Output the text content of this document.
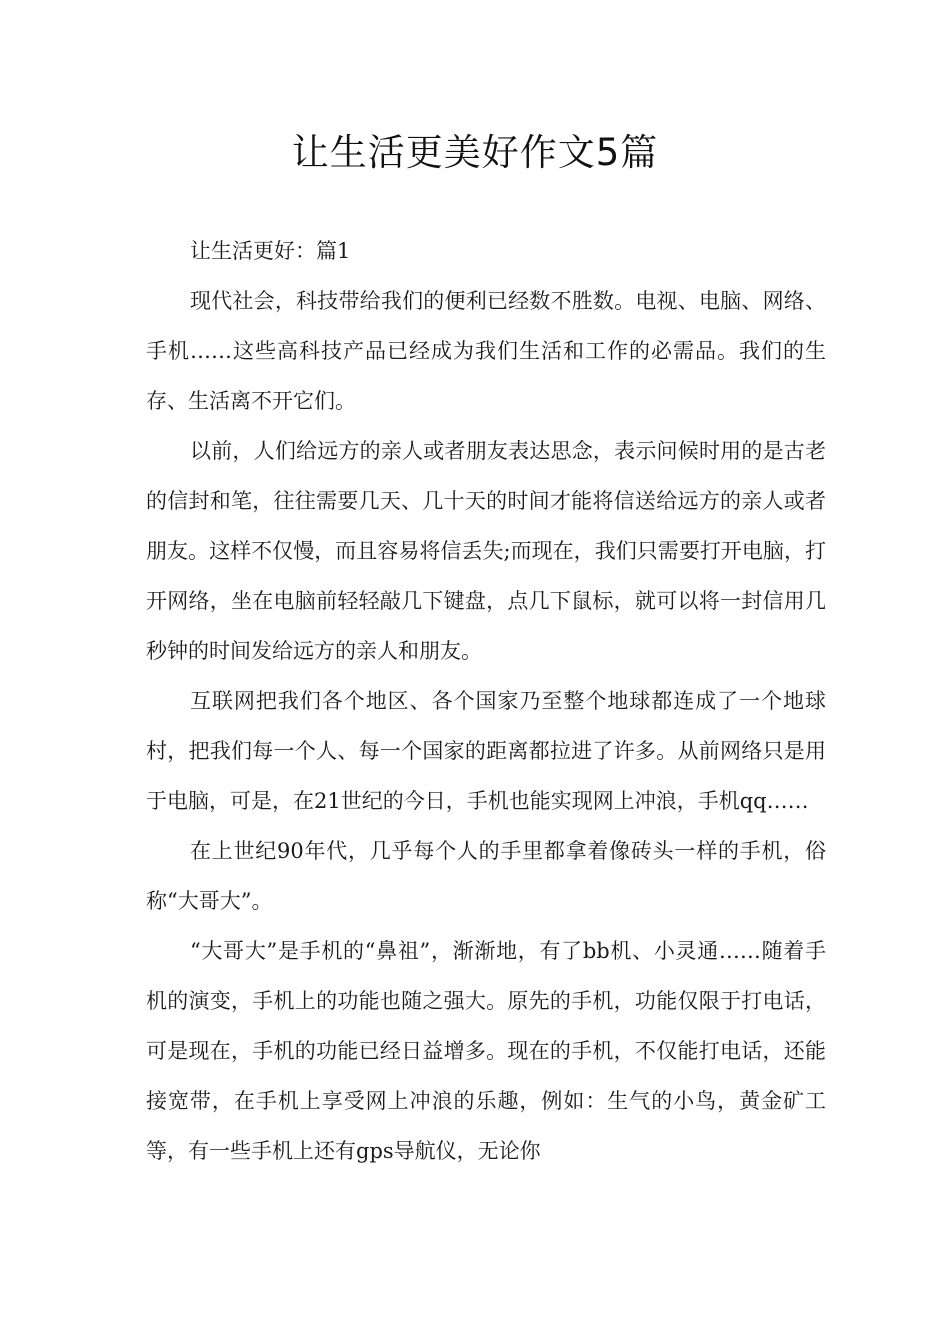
让生活更美好作文5篇

让生活更好：篇1

现代社会，科技带给我们的便利已经数不胜数。电视、电脑、网络、手机……这些高科技产品已经成为我们生活和工作的必需品。我们的生存、生活离不开它们。

以前，人们给远方的亲人或者朋友表达思念，表示问候时用的是古老的信封和笔，往往需要几天、几十天的时间才能将信送给远方的亲人或者朋友。这样不仅慢，而且容易将信丢失;而现在，我们只需要打开电脑，打开网络，坐在电脑前轻轻敲几下键盘，点几下鼠标，就可以将一封信用几秒钟的时间发给远方的亲人和朋友。

互联网把我们各个地区、各个国家乃至整个地球都连成了一个地球村，把我们每一个人、每一个国家的距离都拉进了许多。从前网络只是用于电脑，可是，在21世纪的今日，手机也能实现网上冲浪，手机qq……

在上世纪90年代，几乎每个人的手里都拿着像砖头一样的手机，俗称“大哥大”。

“大哥大”是手机的“鼻祖”，渐渐地，有了bb机、小灵通……随着手机的演变，手机上的功能也随之强大。原先的手机，功能仅限于打电话，可是现在，手机的功能已经日益增多。现在的手机，不仅能打电话，还能接宽带，在手机上享受网上冲浪的乐趣，例如：生气的小鸟，黄金矿工等，有一些手机上还有gps导航仪，无论你
